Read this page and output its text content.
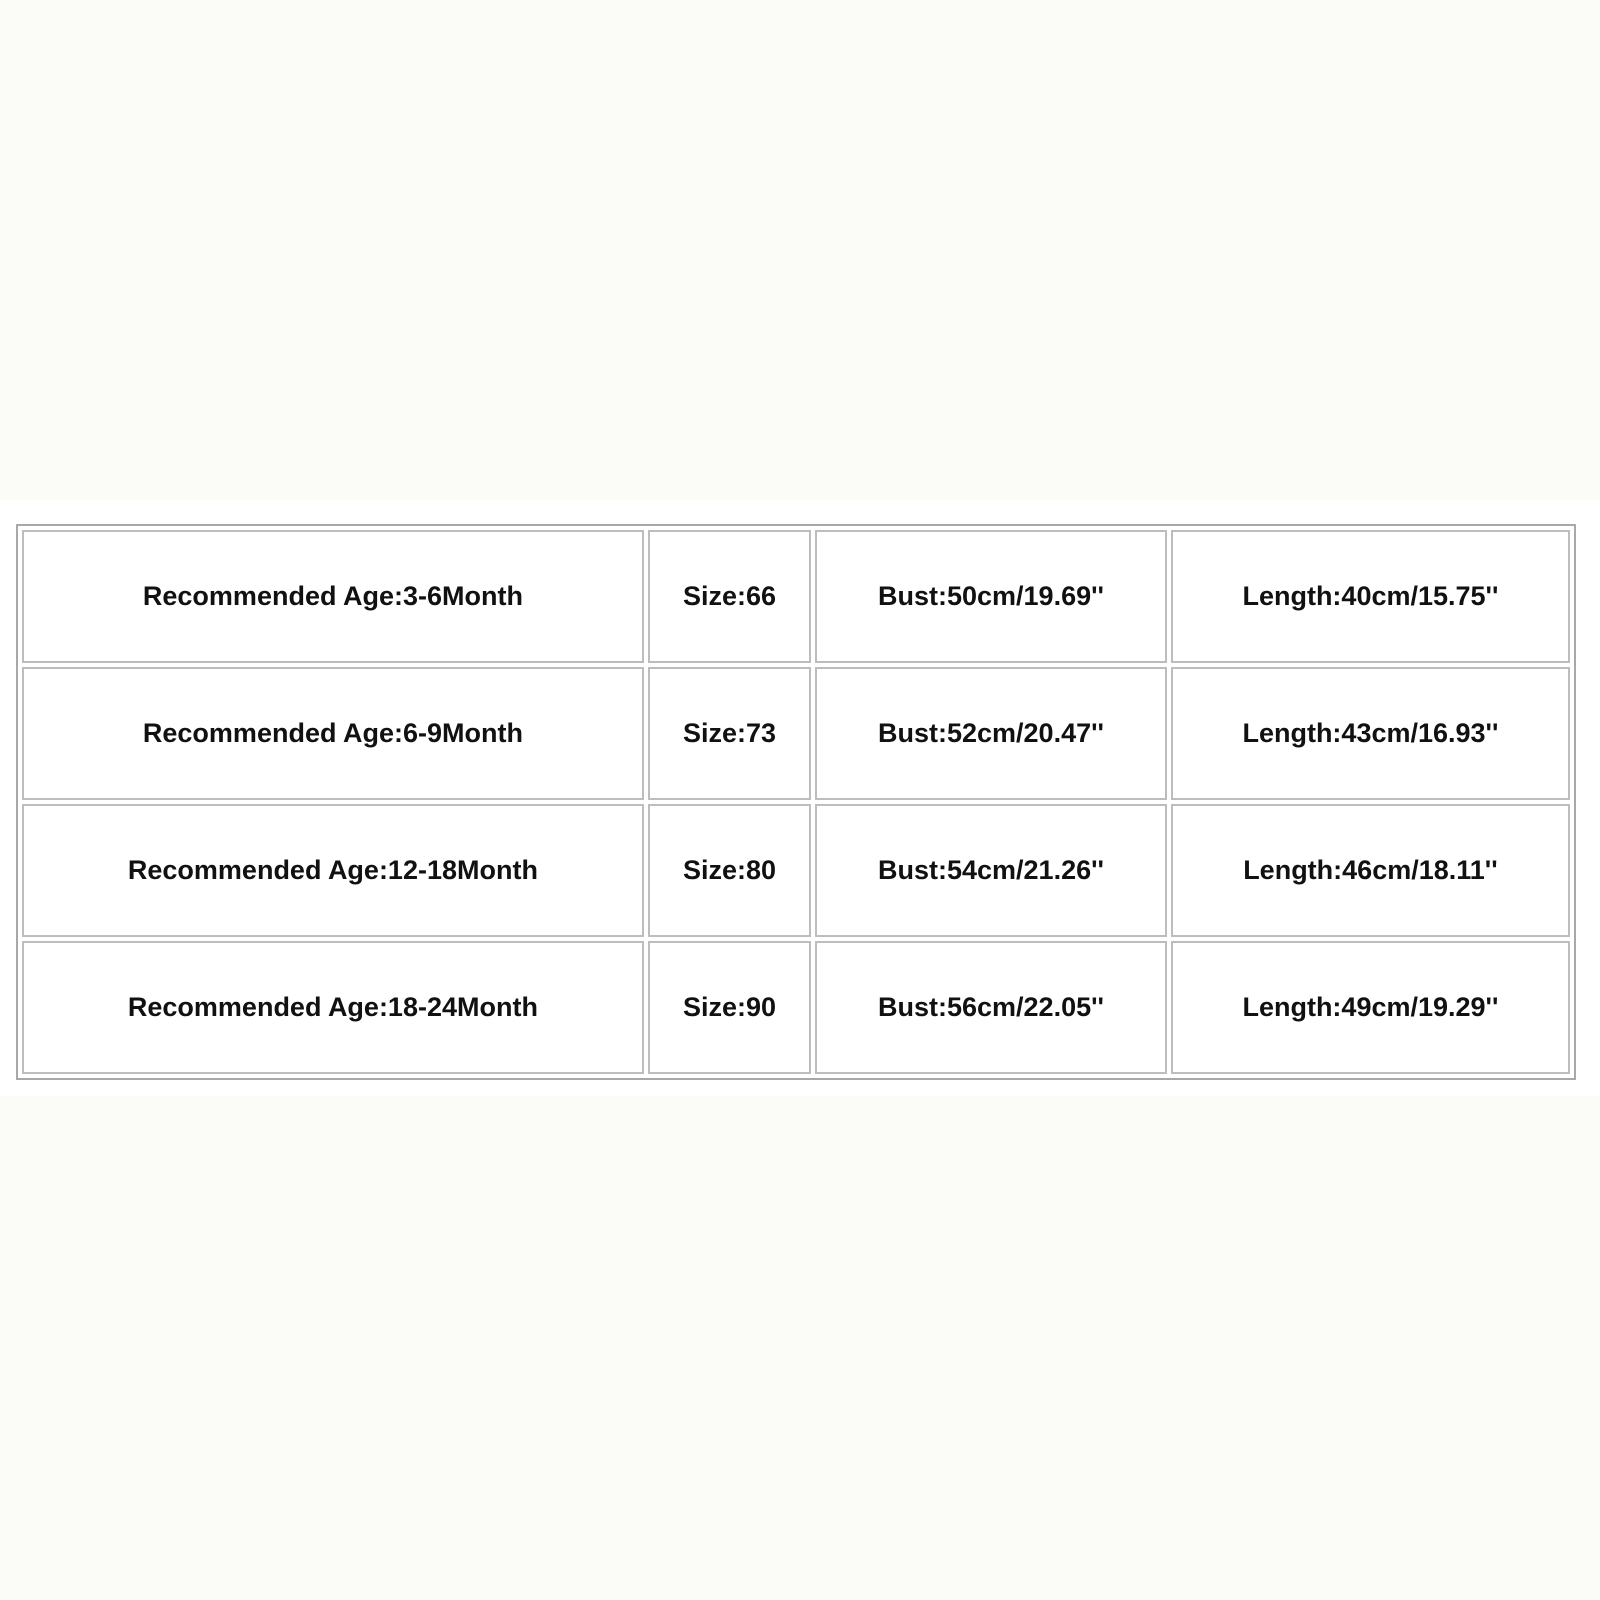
Recommended Age:3-6Month	Size:66	Bust:50cm/19.69''	Length:40cm/15.75''
Recommended Age:6-9Month	Size:73	Bust:52cm/20.47''	Length:43cm/16.93''
Recommended Age:12-18Month	Size:80	Bust:54cm/21.26''	Length:46cm/18.11''
Recommended Age:18-24Month	Size:90	Bust:56cm/22.05''	Length:49cm/19.29''
